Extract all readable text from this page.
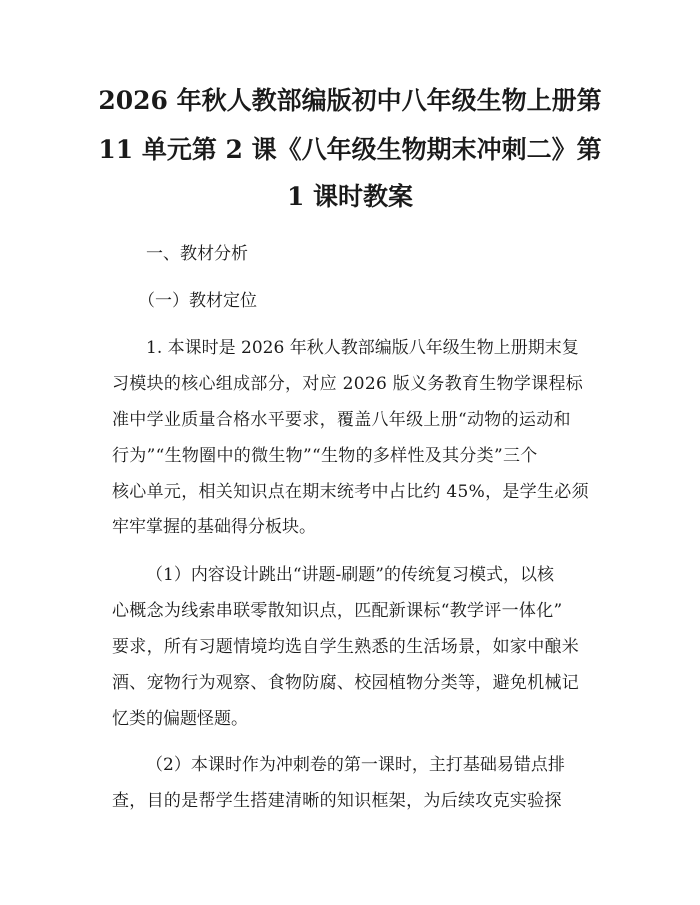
2026 年秋人教部编版初中八年级生物上册第
11 单元第 2 课《八年级生物期末冲刺二》第
1 课时教案
一、教材分析
（一）教材定位
1. 本课时是 2026 年秋人教部编版八年级生物上册期末复
习模块的核心组成部分，对应 2026 版义务教育生物学课程标
准中学业质量合格水平要求，覆盖八年级上册“动物的运动和
行为”“生物圈中的微生物”“生物的多样性及其分类”三个
核心单元，相关知识点在期末统考中占比约 45%，是学生必须
牢牢掌握的基础得分板块。
（1）内容设计跳出“讲题-刷题”的传统复习模式，以核
心概念为线索串联零散知识点，匹配新课标“教学评一体化”
要求，所有习题情境均选自学生熟悉的生活场景，如家中酿米
酒、宠物行为观察、食物防腐、校园植物分类等，避免机械记
忆类的偏题怪题。
（2）本课时作为冲刺卷的第一课时，主打基础易错点排
查，目的是帮学生搭建清晰的知识框架，为后续攻克实验探
